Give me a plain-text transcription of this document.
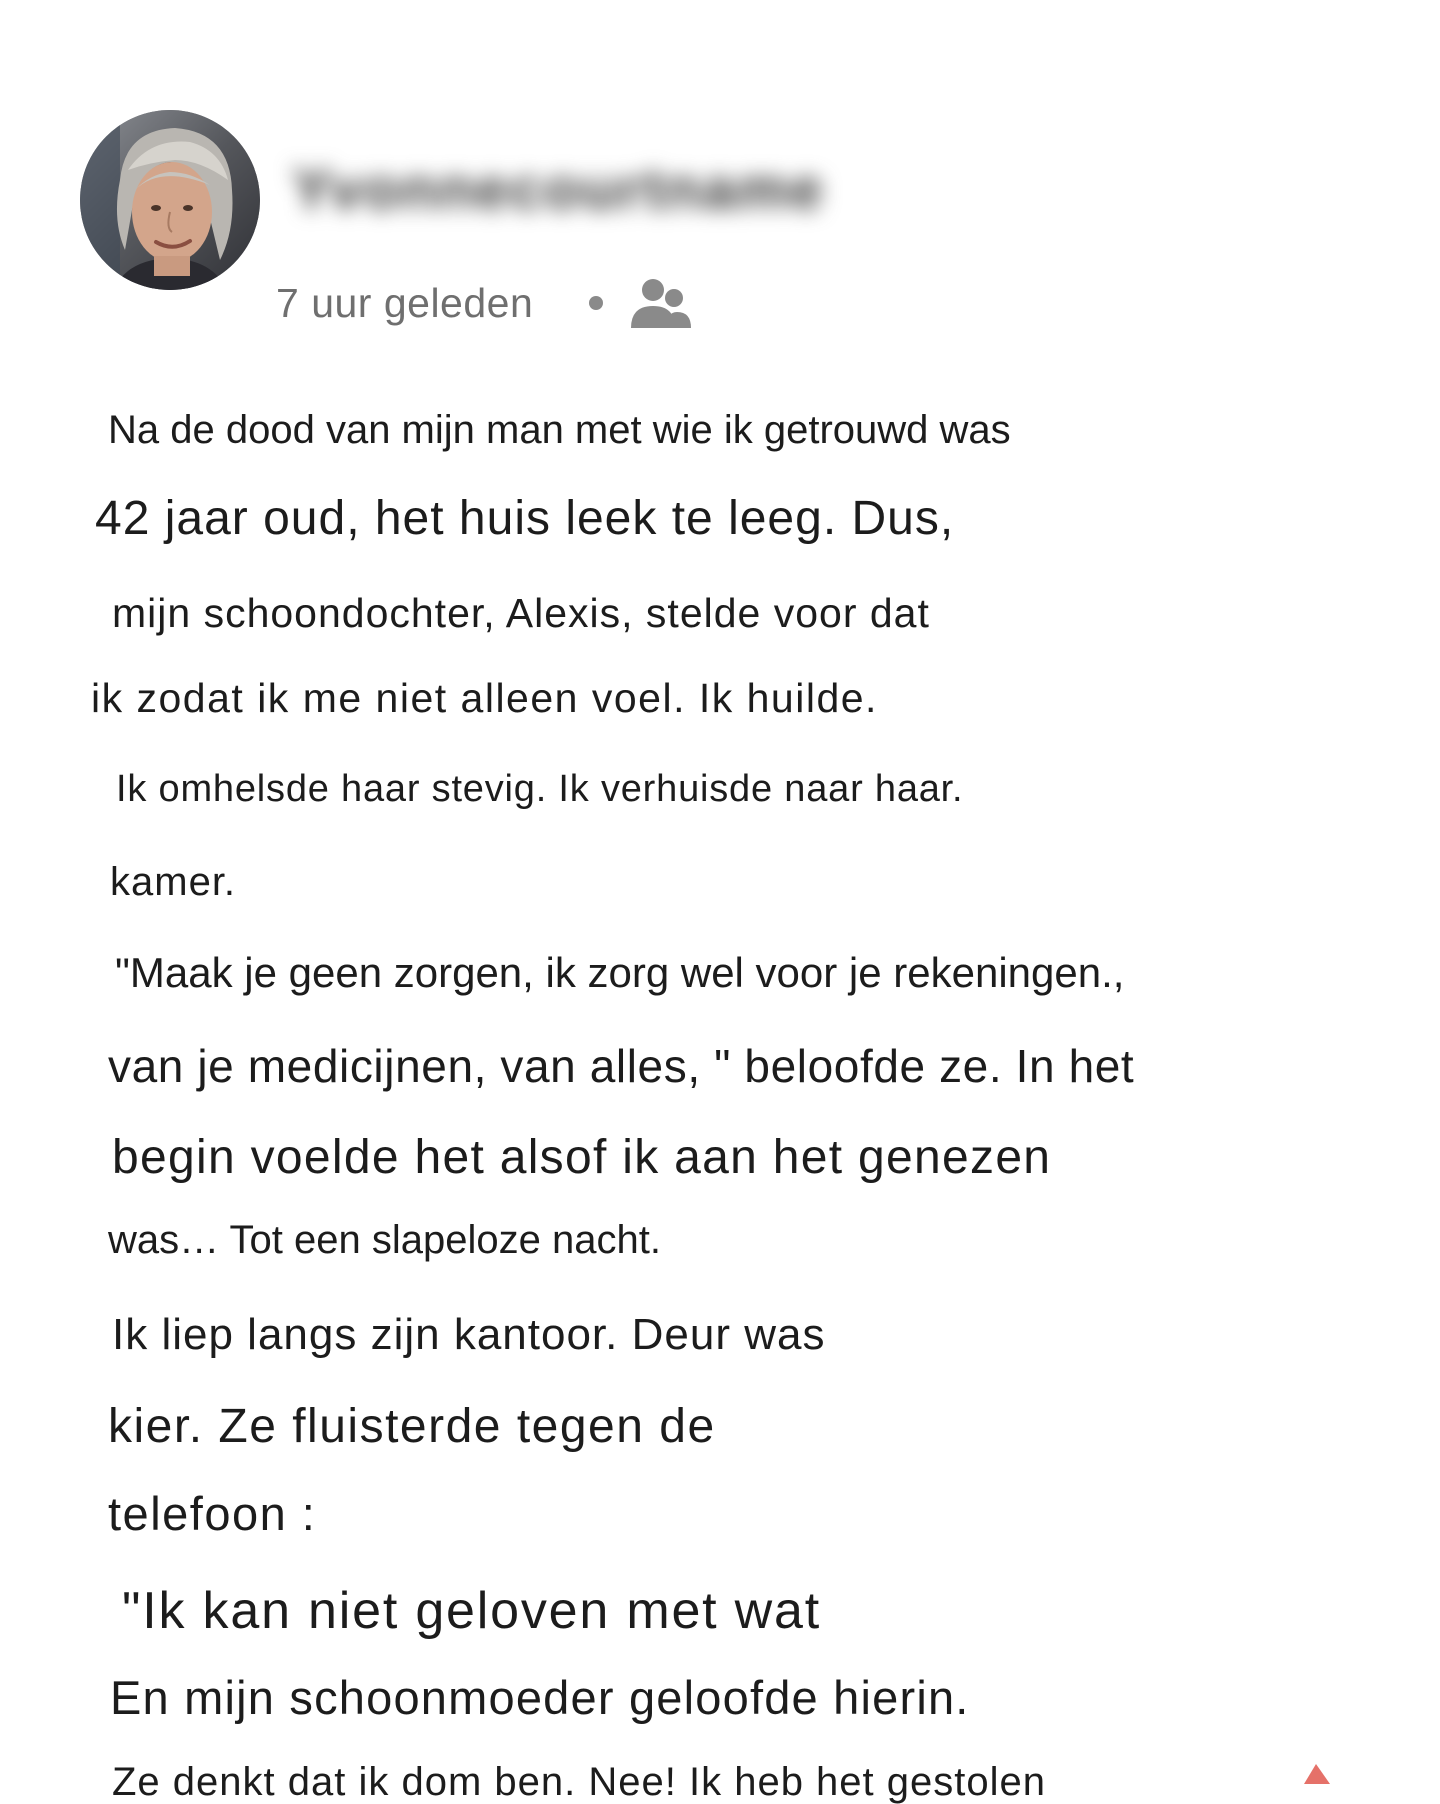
Yvonnecourtname
7 uur geleden
Na de dood van mijn man met wie ik getrouwd was
42 jaar oud, het huis leek te leeg. Dus,
mijn schoondochter, Alexis, stelde voor dat
ik zodat ik me niet alleen voel. Ik huilde.
Ik omhelsde haar stevig. Ik verhuisde naar haar.
kamer.
"Maak je geen zorgen, ik zorg wel voor je rekeningen.,
van je medicijnen, van alles, " beloofde ze. In het
begin voelde het alsof ik aan het genezen
was… Tot een slapeloze nacht.
Ik liep langs zijn kantoor. Deur was
kier. Ze fluisterde tegen de
telefoon :
"Ik kan niet geloven met wat
En mijn schoonmoeder geloofde hierin.
Ze denkt dat ik dom ben. Nee! Ik heb het gestolen
